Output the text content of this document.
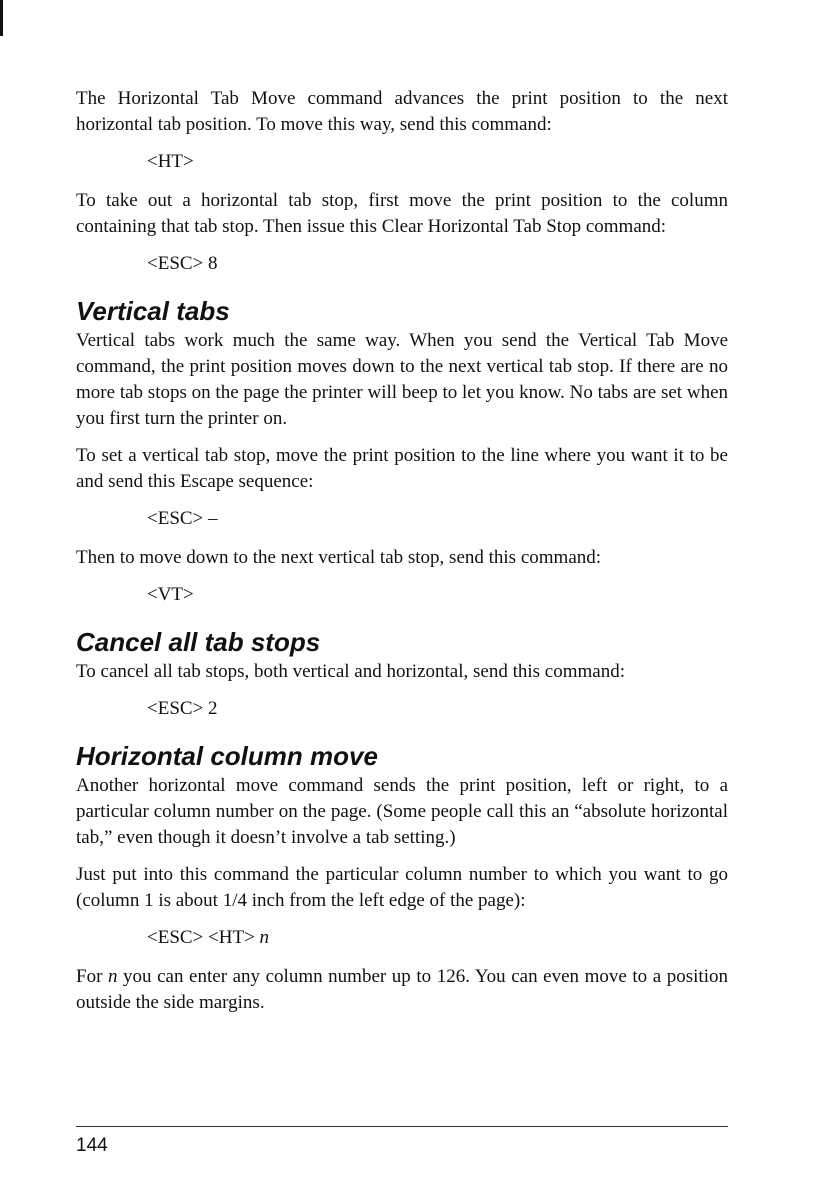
The Horizontal Tab Move command advances the print position to the next horizontal tab position. To move this way, send this command:

<HT>

To take out a horizontal tab stop, first move the print position to the column containing that tab stop. Then issue this Clear Horizontal Tab Stop command:

<ESC> 8
Vertical tabs

Vertical tabs work much the same way. When you send the Vertical Tab Move command, the print position moves down to the next vertical tab stop. If there are no more tab stops on the page the printer will beep to let you know. No tabs are set when you first turn the printer on.

To set a vertical tab stop, move the print position to the line where you want it to be and send this Escape sequence:

<ESC> –

Then to move down to the next vertical tab stop, send this command:

<VT>
Cancel all tab stops

To cancel all tab stops, both vertical and horizontal, send this command:

<ESC> 2
Horizontal column move

Another horizontal move command sends the print position, left or right, to a particular column number on the page. (Some people call this an “absolute horizontal tab,” even though it doesn’t involve a tab setting.)

Just put into this command the particular column number to which you want to go (column 1 is about 1/4 inch from the left edge of the page):

<ESC> <HT> n

For n you can enter any column number up to 126. You can even move to a position outside the side margins.

144
